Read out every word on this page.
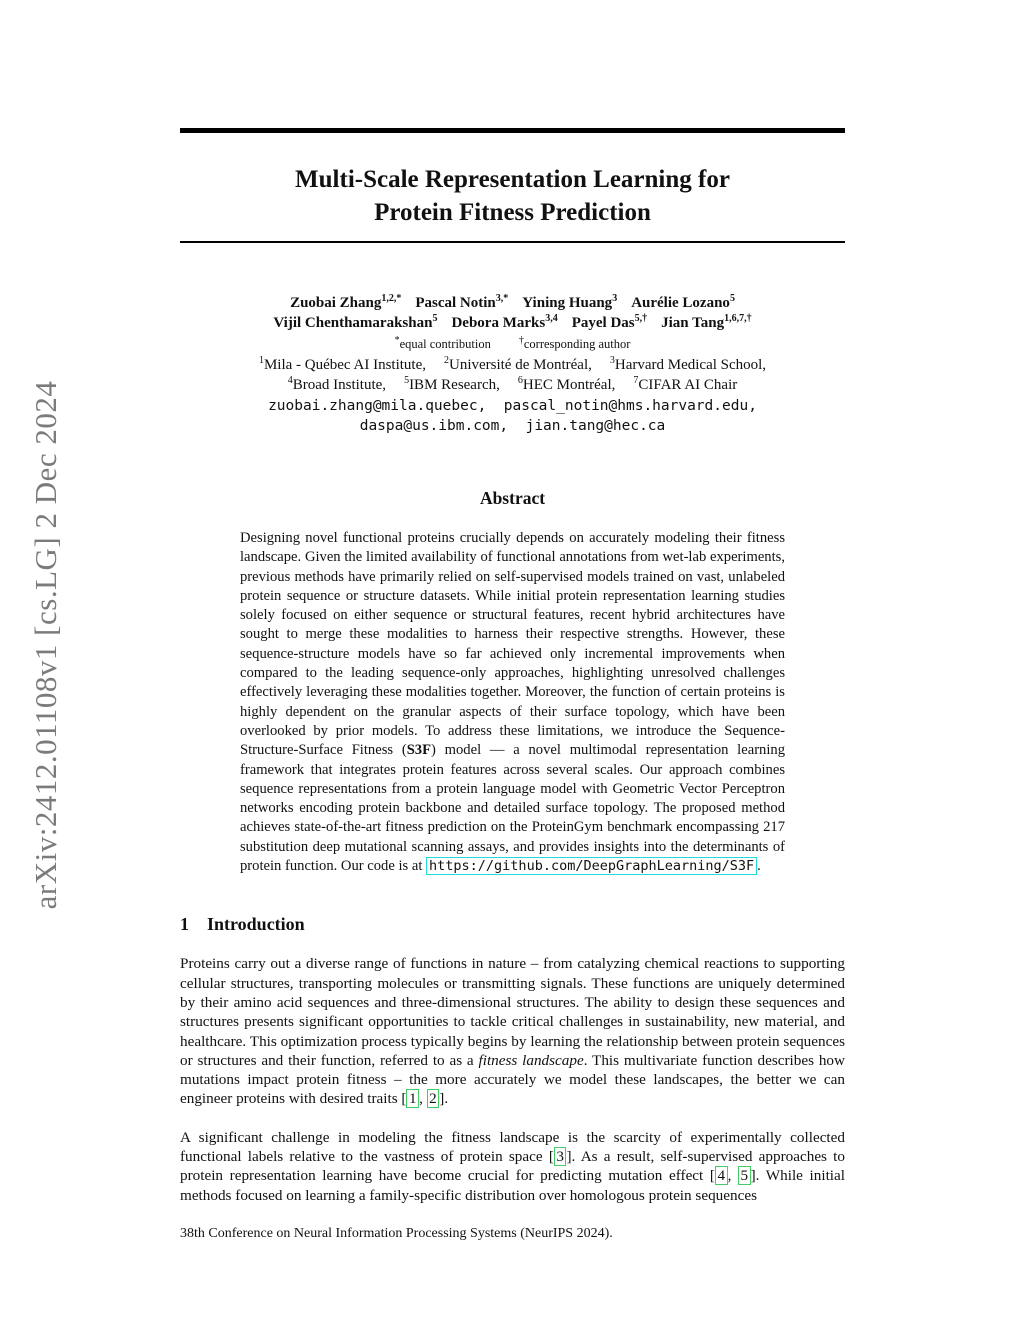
arXiv:2412.01108v1 [cs.LG] 2 Dec 2024
Multi-Scale Representation Learning for
Protein Fitness Prediction
Zuobai Zhang$^{1,2,*}$ Pascal Notin$^{3,*}$ Yining Huang$^3$ Aurélie Lozano$^5$
Vijil Chenthamarakshan$^5$ Debora Marks$^{3,4}$ Payel Das$^{5,\dagger}$ Jian Tang$^{1,6,7,\dagger}$
*equal contribution	†corresponding author
$^1$Mila - Québec AI Institute, $^2$Université de Montréal, $^3$Harvard Medical School,
$^4$Broad Institute, $^5$IBM Research, $^6$HEC Montréal, $^7$CIFAR AI Chair
zuobai.zhang@mila.quebec,  pascal_notin@hms.harvard.edu,
daspa@us.ibm.com,  jian.tang@hec.ca
Abstract
Designing novel functional proteins crucially depends on accurately modeling their fitness landscape. Given the limited availability of functional annotations from wet-lab experiments, previous methods have primarily relied on self-supervised models trained on vast, unlabeled protein sequence or structure datasets. While initial protein representation learning studies solely focused on either sequence or structural features, recent hybrid architectures have sought to merge these modalities to harness their respective strengths. However, these sequence-structure models have so far achieved only incremental improvements when compared to the leading sequence-only approaches, highlighting unresolved challenges effectively leveraging these modalities together. Moreover, the function of certain proteins is highly dependent on the granular aspects of their surface topology, which have been overlooked by prior models. To address these limitations, we introduce the Sequence-Structure-Surface Fitness (S3F) model — a novel multimodal representation learning framework that integrates protein features across several scales. Our approach combines sequence representations from a protein language model with Geometric Vector Perceptron networks encoding protein backbone and detailed surface topology. The proposed method achieves state-of-the-art fitness prediction on the ProteinGym benchmark encompassing 217 substitution deep mutational scanning assays, and provides insights into the determinants of protein function. Our code is at https://github.com/DeepGraphLearning/S3F .
1 Introduction

Proteins carry out a diverse range of functions in nature – from catalyzing chemical reactions to supporting cellular structures, transporting molecules or transmitting signals. These functions are uniquely determined by their amino acid sequences and three-dimensional structures. The ability to design these sequences and structures presents significant opportunities to tackle critical challenges in sustainability, new material, and healthcare. This optimization process typically begins by learning the relationship between protein sequences or structures and their function, referred to as a fitness landscape. This multivariate function describes how mutations impact protein fitness – the more accurately we model these landscapes, the better we can engineer proteins with desired traits [ 1 , 2 ].

A significant challenge in modeling the fitness landscape is the scarcity of experimentally collected functional labels relative to the vastness of protein space [ 3 ]. As a result, self-supervised approaches to protein representation learning have become crucial for predicting mutation effect [ 4 , 5 ]. While initial methods focused on learning a family-specific distribution over homologous protein sequences

38th Conference on Neural Information Processing Systems (NeurIPS 2024).
